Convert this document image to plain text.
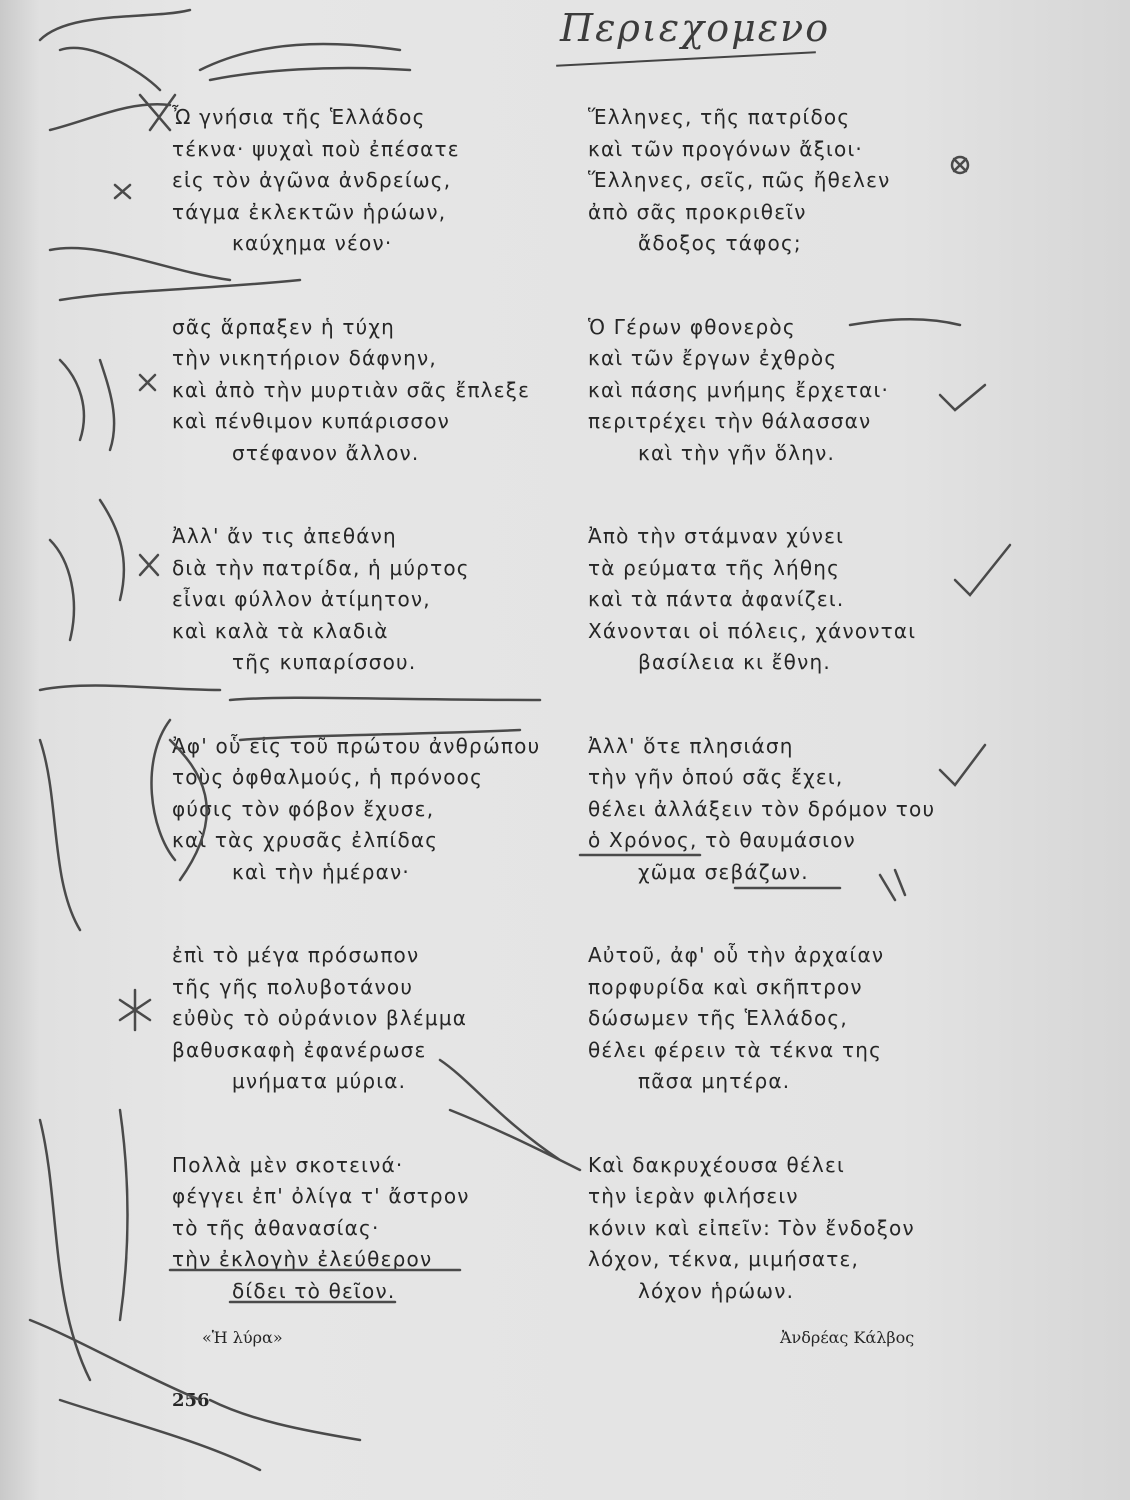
Περιεχομενο
Ὦ γνήσια τῆς Ἑλλάδος
τέκνα· ψυχαὶ ποὺ ἐπέσατε
εἰς τὸν ἀγῶνα ἀνδρείως,
τάγμα ἐκλεκτῶν ἡρώων,
καύχημα νέον·
σᾶς ἅρπαξεν ἡ τύχη
τὴν νικητήριον δάφνην,
καὶ ἀπὸ τὴν μυρτιὰν σᾶς ἔπλεξε
καὶ πένθιμον κυπάρισσον
στέφανον ἄλλον.
Ἀλλ' ἄν τις ἀπεθάνη
διὰ τὴν πατρίδα, ἡ μύρτος
εἶναι φύλλον ἀτίμητον,
καὶ καλὰ τὰ κλαδιὰ
τῆς κυπαρίσσου.
Ἀφ' οὗ εἰς τοῦ πρώτου ἀνθρώπου
τοὺς ὀφθαλμούς, ἡ πρόνοος
φύσις τὸν φόβον ἔχυσε,
καὶ τὰς χρυσᾶς ἐλπίδας
καὶ τὴν ἡμέραν·
ἐπὶ τὸ μέγα πρόσωπον
τῆς γῆς πολυβοτάνου
εὐθὺς τὸ οὐράνιον βλέμμα
βαθυσκαφὴ ἐφανέρωσε
μνήματα μύρια.
Πολλὰ μὲν σκοτεινά·
φέγγει ἐπ' ὀλίγα τ' ἄστρον
τὸ τῆς ἀθανασίας·
τὴν ἐκλογὴν ἐλεύθερον
δίδει τὸ θεῖον.
Ἕλληνες, τῆς πατρίδος
καὶ τῶν προγόνων ἄξιοι·
Ἕλληνες, σεῖς, πῶς ἤθελεν
ἀπὸ σᾶς προκριθεῖν
ἄδοξος τάφος;
Ὁ Γέρων φθονερὸς
καὶ τῶν ἔργων ἐχθρὸς
καὶ πάσης μνήμης ἔρχεται·
περιτρέχει τὴν θάλασσαν
καὶ τὴν γῆν ὅλην.
Ἀπὸ τὴν στάμναν χύνει
τὰ ρεύματα τῆς λήθης
καὶ τὰ πάντα ἀφανίζει.
Χάνονται οἱ πόλεις, χάνονται
βασίλεια κι ἔθνη.
Ἀλλ' ὅτε πλησιάση
τὴν γῆν ὁπού σᾶς ἔχει,
θέλει ἀλλάξειν τὸν δρόμον του
ὁ Χρόνος, τὸ θαυμάσιον
χῶμα σεβάζων.
Αὐτοῦ, ἀφ' οὗ τὴν ἀρχαίαν
πορφυρίδα καὶ σκῆπτρον
δώσωμεν τῆς Ἑλλάδος,
θέλει φέρειν τὰ τέκνα της
πᾶσα μητέρα.
Καὶ δακρυχέουσα θέλει
τὴν ἱερὰν φιλήσειν
κόνιν καὶ εἰπεῖν: Τὸν ἔνδοξον
λόχον, τέκνα, μιμήσατε,
λόχον ἡρώων.
«Ἡ λύρα»	Ἀνδρέας Κάλβος
256
